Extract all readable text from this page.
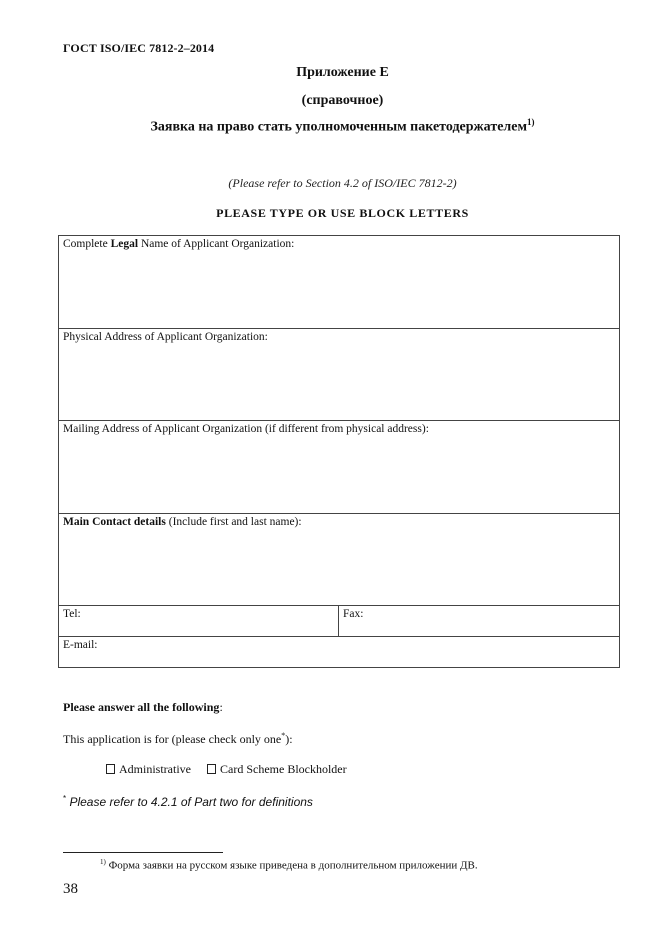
ГОСТ ISO/IEC 7812-2–2014
Приложение Е
(справочное)
Заявка на право стать уполномоченным пакетодержателем$^{1)}$
(Please refer to Section 4.2 of ISO/IEC 7812-2)
PLEASE TYPE OR USE BLOCK LETTERS
Complete Legal Name of Applicant Organization:
Physical Address of Applicant Organization:
Mailing Address of Applicant Organization (if different from physical address):
Main Contact details (Include first and last name):
Tel:	Fax:
E-mail:
Please answer all the following:
This application is for (please check only one*):
Administrative Card Scheme Blockholder
* Please refer to 4.2.1 of Part two for definitions
$^{1)}$ Форма заявки на русском языке приведена в дополнительном приложении ДВ.
38
